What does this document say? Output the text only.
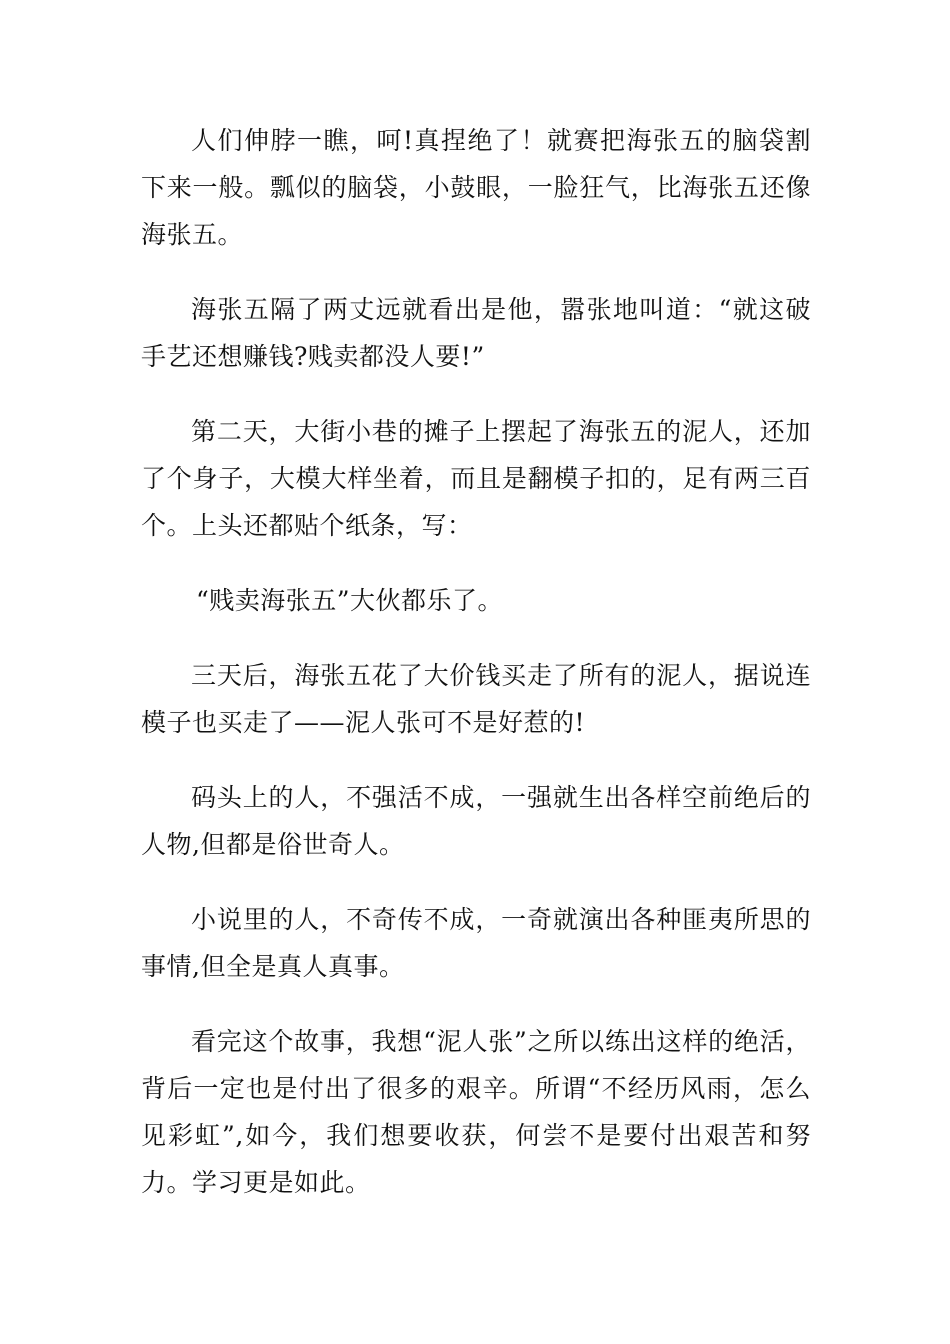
人们伸脖一瞧，呵!真捏绝了！就赛把海张五的脑袋割下来一般。瓢似的脑袋，小鼓眼，一脸狂气，比海张五还像海张五。

海张五隔了两丈远就看出是他，嚣张地叫道：“就这破手艺还想赚钱?贱卖都没人要!”

第二天，大街小巷的摊子上摆起了海张五的泥人，还加了个身子，大模大样坐着，而且是翻模子扣的，足有两三百个。上头还都贴个纸条，写：

“贱卖海张五”大伙都乐了。

三天后，海张五花了大价钱买走了所有的泥人，据说连模子也买走了——泥人张可不是好惹的!

码头上的人，不强活不成，一强就生出各样空前绝后的人物,但都是俗世奇人。

小说里的人，不奇传不成，一奇就演出各种匪夷所思的事情,但全是真人真事。

看完这个故事，我想“泥人张”之所以练出这样的绝活，背后一定也是付出了很多的艰辛。所谓“不经历风雨，怎么见彩虹”,如今，我们想要收获，何尝不是要付出艰苦和努力。学习更是如此。
